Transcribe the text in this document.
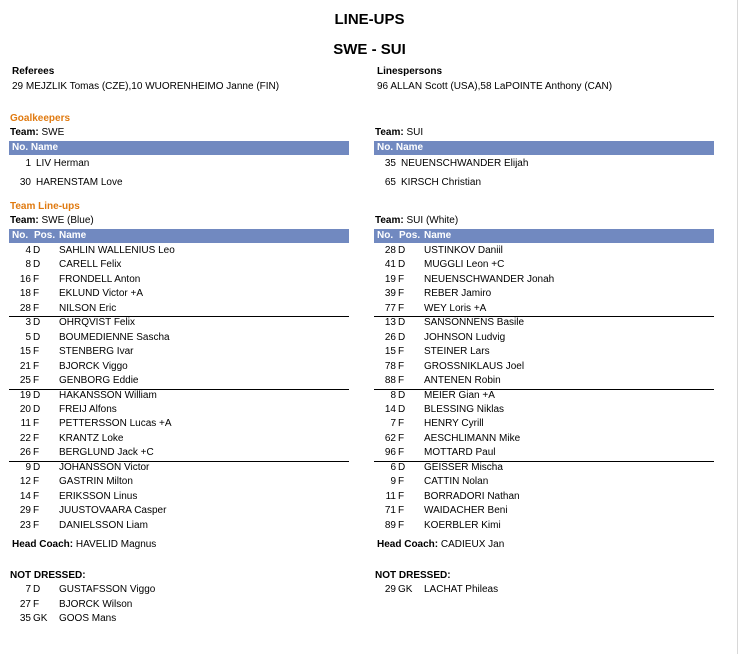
LINE-UPS
SWE - SUI
Referees
29 MEJZLIK Tomas (CZE),10 WUORENHEIMO Janne (FIN)
Linespersons
96 ALLAN Scott (USA),58 LaPOINTE Anthony (CAN)
Goalkeepers
Team: SWE	Team: SUI
No. Name	No. Name
1 LIV Herman
30 HARENSTAM Love
35 NEUENSCHWANDER Elijah
65 KIRSCH Christian
Team Line-ups
Team: SWE (Blue)	Team: SUI (White)
No. Pos. Name	No. Pos. Name
4 D SAHLIN WALLENIUS Leo
8 D CARELL Felix
16 F FRONDELL Anton
18 F EKLUND Victor +A
28 F NILSON Eric
3 D OHRQVIST Felix
5 D BOUMEDIENNE Sascha
15 F STENBERG Ivar
21 F BJORCK Viggo
25 F GENBORG Eddie
19 D HAKANSSON William
20 D FREIJ Alfons
11 F PETTERSSON Lucas +A
22 F KRANTZ Loke
26 F BERGLUND Jack +C
9 D JOHANSSON Victor
12 F GASTRIN Milton
14 F ERIKSSON Linus
29 F JUUSTOVAARA Casper
23 F DANIELSSON Liam
28 D USTINKOV Daniil
41 D MUGGLI Leon +C
19 F NEUENSCHWANDER Jonah
39 F REBER Jamiro
77 F WEY Loris +A
13 D SANSONNENS Basile
26 D JOHNSON Ludvig
15 F STEINER Lars
78 F GROSSNIKLAUS Joel
88 F ANTENEN Robin
8 D MEIER Gian +A
14 D BLESSING Niklas
7 F HENRY Cyrill
62 F AESCHLIMANN Mike
96 F MOTTARD Paul
6 D GEISSER Mischa
9 F CATTIN Nolan
11 F BORRADORI Nathan
71 F WAIDACHER Beni
89 F KOERBLER Kimi
Head Coach: HAVELID Magnus	Head Coach: CADIEUX Jan
NOT DRESSED:	NOT DRESSED:
7 D GUSTAFSSON Viggo
27 F BJORCK Wilson
35 GK GOOS Mans
29 GK LACHAT Phileas
